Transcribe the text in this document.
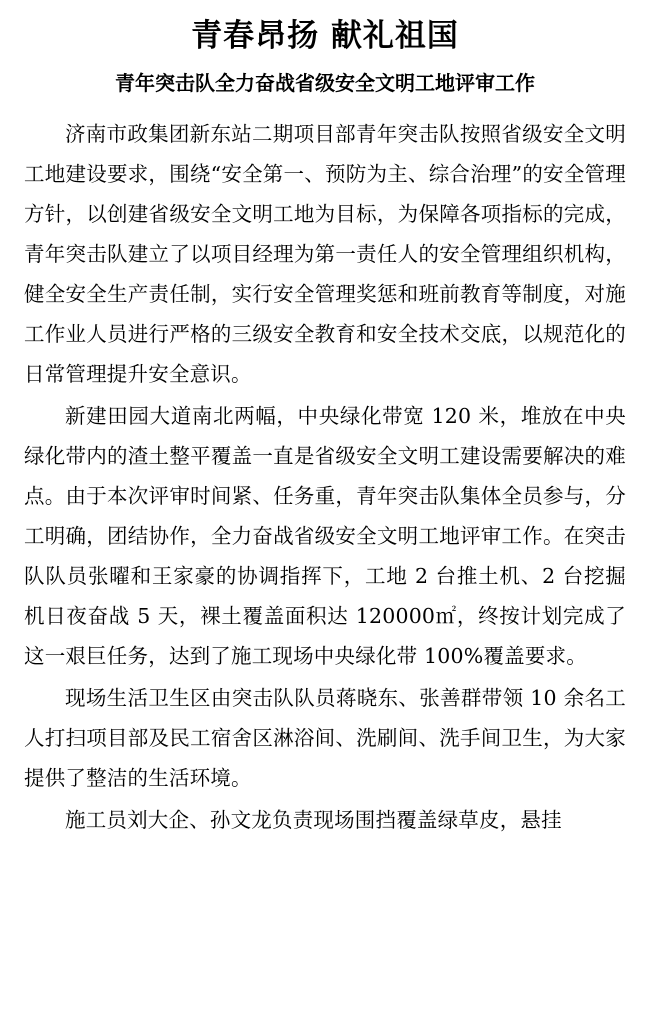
青春昂扬 献礼祖国
青年突击队全力奋战省级安全文明工地评审工作

济南市政集团新东站二期项目部青年突击队按照省级安全文明工地建设要求，围绕“安全第一、预防为主、综合治理”的安全管理方针，以创建省级安全文明工地为目标，为保障各项指标的完成，青年突击队建立了以项目经理为第一责任人的安全管理组织机构，健全安全生产责任制，实行安全管理奖惩和班前教育等制度，对施工作业人员进行严格的三级安全教育和安全技术交底，以规范化的日常管理提升安全意识。

新建田园大道南北两幅，中央绿化带宽 120 米，堆放在中央绿化带内的渣土整平覆盖一直是省级安全文明工建设需要解决的难点。由于本次评审时间紧、任务重，青年突击队集体全员参与，分工明确，团结协作，全力奋战省级安全文明工地评审工作。在突击队队员张曜和王家豪的协调指挥下，工地 2 台推土机、2 台挖掘机日夜奋战 5 天，裸土覆盖面积达 120000㎡，终按计划完成了这一艰巨任务，达到了施工现场中央绿化带 100%覆盖要求。

现场生活卫生区由突击队队员蒋晓东、张善群带领 10 余名工人打扫项目部及民工宿舍区淋浴间、洗刷间、洗手间卫生，为大家提供了整洁的生活环境。

施工员刘大企、孙文龙负责现场围挡覆盖绿草皮，悬挂
